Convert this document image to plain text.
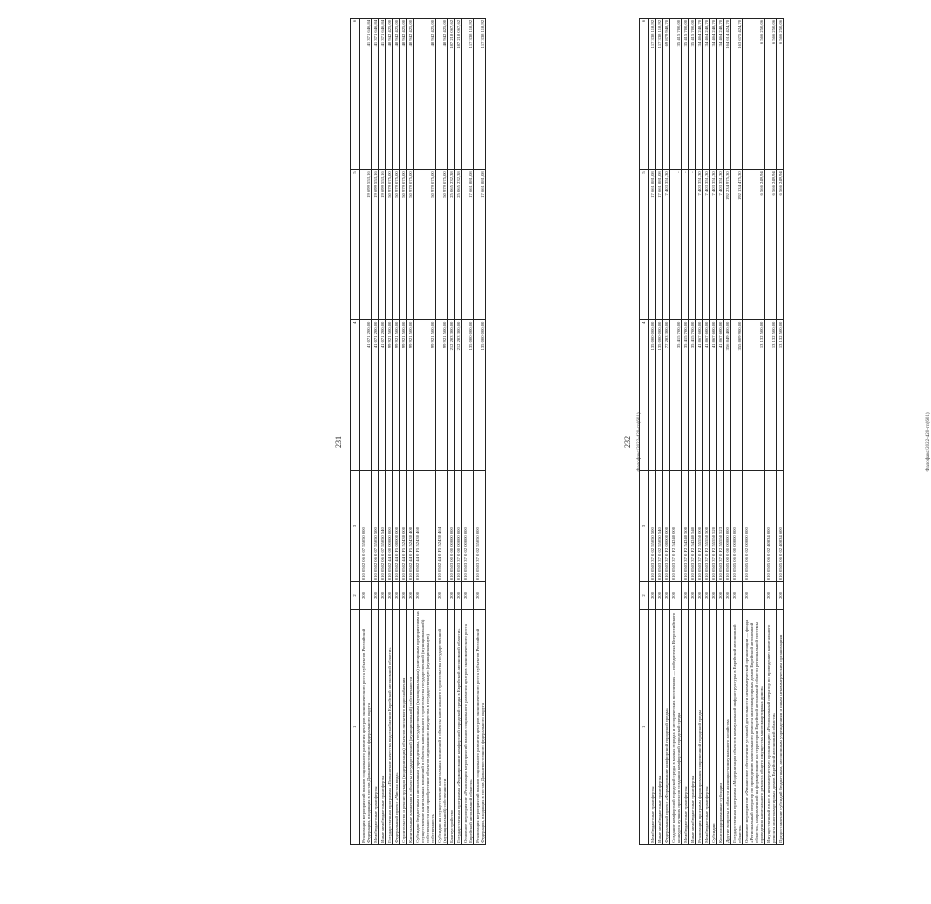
231
1	2	3	4	5	6
Реализация мероприятий планов социального развития центров экономического роста субъектов Российской Федерации, входящих в состав Дальневосточного федерального округа	200	010 0502 06 0 07 55050 000	41 071 200,00	19 699 553,16	41 371 646,84
Межбюджетные трансферты	200	010 0502 06 0 07 55050 500	41 071 200,00	19 699 553,16	41 371 646,84
Иные межбюджетные трансферты	200	010 0502 06 0 07 55050 540	41 071 200,00	19 699 553,16	41 371 646,84
Государственная программа «Повышение качества водоснабжения Еврейской автономной области»	200	010 0502 44 0 00 00000 000	99 921 500,00	50 979 075,00	48 942 425,00
Федеральный проект «Чистая вода»	200	010 0502 44 0 F5 00000 000	99 921 500,00	50 979 075,00	48 942 425,00
Строительство и реконструкция (модернизация) объектов питьевого водоснабжения	200	010 0502 44 0 F5 52430 000	99 921 500,00	50 979 075,00	48 942 425,00
Капитальные вложения в объекты государственной (муниципальной) собственности	200	010 0502 44 0 F5 52430 400	99 921 500,00	50 979 075,00	48 942 425,00
Субсидии бюджетным и автономным учреждениям, государственным (муниципальным) унитарным предприятиям на осуществление капитальных вложений в объекты капитального строительства государственной (муниципальной) собственности или приобретение объектов недвижимого имущества в государственную (муниципальную) собственность	200	010 0502 44 0 F5 52430 460	99 921 500,00	50 979 075,00	48 942 425,00
Субсидии на осуществление капитальных вложений в объекты капитального строительства государственной (муниципальной) собственности	200	010 0502 44 0 F5 52430 464	99 921 500,00	50 979 075,00	48 942 425,00
Благоустройство	200	010 0503 00 0 00 00000 000	212 283 300,00	25 065 232,38	187 218 067,62
Государственная программа «Формирование комфортной городской среды в Еврейской автономной области»	200	010 0503 37 0 00 00000 000	212 283 300,00	25 065 232,38	187 218 067,62
Основное мероприятие «Реализация мероприятий планов социального развития центров экономического роста Еврейской автономной области»	200	010 0503 37 0 02 00000 000	135 000 000,00	17 661 881,08	117 338 118,92
Реализация мероприятий планов социального развития центров экономического роста субъектов Российской Федерации, входящих в состав Дальневосточного федерального округа	200	010 0503 37 0 02 55050 000	135 000 000,00	17 661 881,08	117 338 118,92
Фалофакс/2022-420-гп(601)
232
1	2	3	4	5	6
Межбюджетные трансферты	200	010 0503 37 0 02 55050 500	135 000 000,00	17 661 881,08	117 338 118,92
Иные межбюджетные трансферты	200	010 0503 37 0 02 55050 540	135 000 000,00	17 661 881,08	117 338 118,92
Федеральный проект «Формирование комфортной городской среды»	200	010 0503 37 0 F2 00000 000	77 283 300,00	7 403 351,30	69 879 948,70
Создание комфортной городской среды в малых городах и исторических поселениях — победителях Всероссийского конкурса лучших проектов создания комфортной городской среды	200	010 0503 37 0 F2 54240 000	35 415 700,00	-	35 415 700,00
Межбюджетные трансферты	200	010 0503 37 0 F2 54240 500	35 415 700,00	-	35 415 700,00
Иные межбюджетные трансферты	200	010 0503 37 0 F2 54240 540	35 415 700,00	-	35 415 700,00
Реализация программ формирования современной городской среды	200	010 0503 37 0 F2 55550 000	41 867 600,00	7 403 351,30	34 464 248,70
Межбюджетные трансферты	200	010 0503 37 0 F2 55550 500	41 867 600,00	7 403 351,30	34 464 248,70
Субсидии	200	010 0503 37 0 F2 55550 520	41 867 600,00	7 403 351,30	34 464 248,70
Консолидированные субсидии	200	010 0503 37 0 F2 55550 523	41 867 600,00	7 403 351,30	34 464 248,70
Другие вопросы в области жилищно-коммунального хозяйства	200	010 0505 00 0 00 00000 000	356 849 400,00	192 234 975,30	164 614 424,70
Государственная программа «Модернизация объектов коммунальной инфраструктуры в Еврейской автономной области»	200	010 0505 06 0 00 00000 000	355 809 900,00	192 134 475,30	163 675 424,70
Основное мероприятие «Финансовое обеспечение уставной деятельности некоммерческой организации — фонда «Региональный оператор по проведению капитального ремонта многоквартирных домов Еврейской автономной области», направленной на формирование на территории Еврейской автономной области региональной системы проведения капитального ремонта общего имущества многоквартирных домов»	200	010 0505 06 0 02 00000 000	13 132 500,00	6 566 249,94	6 566 250,06
Имущественный взнос в некоммерческую организацию «Региональный оператор по проведению капитального ремонта многоквартирных домов Еврейской автономной области»	200	010 0505 06 0 02 40834 000	13 132 500,00	6 566 249,94	6 566 250,06
Предоставление субсидий бюджетным, автономным учреждениям и иным некоммерческим организациям	200	010 0505 06 0 02 40834 600	13 132 500,00	6 566 249,94	6 566 250,06
Фалофакс/2022-420-гп(601)
